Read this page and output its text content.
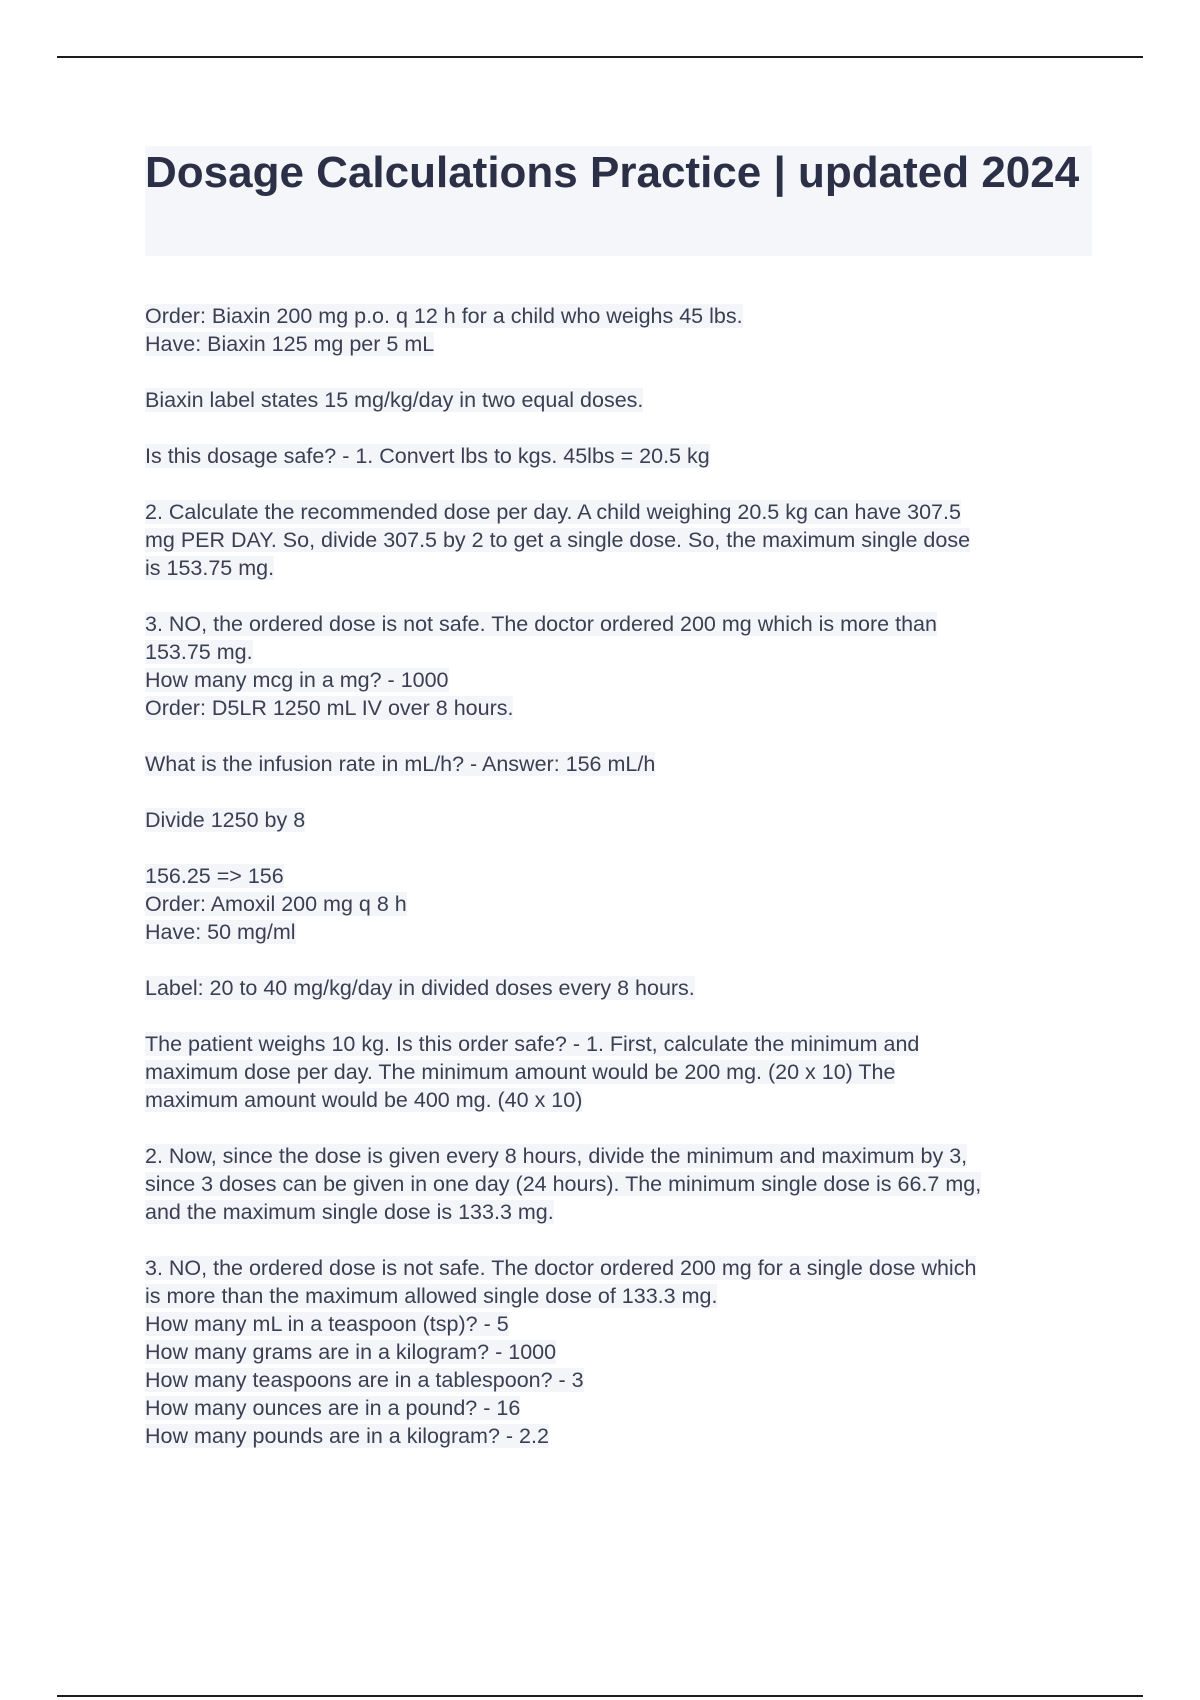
Dosage Calculations Practice | updated 2024
Order: Biaxin 200 mg p.o. q 12 h for a child who weighs 45 lbs.
Have: Biaxin 125 mg per 5 mL
Biaxin label states 15 mg/kg/day in two equal doses.
Is this dosage safe? - 1. Convert lbs to kgs. 45lbs = 20.5 kg
2. Calculate the recommended dose per day. A child weighing 20.5 kg can have 307.5
mg PER DAY. So, divide 307.5 by 2 to get a single dose. So, the maximum single dose
is 153.75 mg.
3. NO, the ordered dose is not safe. The doctor ordered 200 mg which is more than
153.75 mg.
How many mcg in a mg? - 1000
Order: D5LR 1250 mL IV over 8 hours.
What is the infusion rate in mL/h? - Answer: 156 mL/h
Divide 1250 by 8
156.25 => 156
Order: Amoxil 200 mg q 8 h
Have: 50 mg/ml
Label: 20 to 40 mg/kg/day in divided doses every 8 hours.
The patient weighs 10 kg. Is this order safe? - 1. First, calculate the minimum and
maximum dose per day. The minimum amount would be 200 mg. (20 x 10) The
maximum amount would be 400 mg. (40 x 10)
2. Now, since the dose is given every 8 hours, divide the minimum and maximum by 3,
since 3 doses can be given in one day (24 hours). The minimum single dose is 66.7 mg,
and the maximum single dose is 133.3 mg.
3. NO, the ordered dose is not safe. The doctor ordered 200 mg for a single dose which
is more than the maximum allowed single dose of 133.3 mg.
How many mL in a teaspoon (tsp)? - 5
How many grams are in a kilogram? - 1000
How many teaspoons are in a tablespoon? - 3
How many ounces are in a pound? - 16
How many pounds are in a kilogram? - 2.2
